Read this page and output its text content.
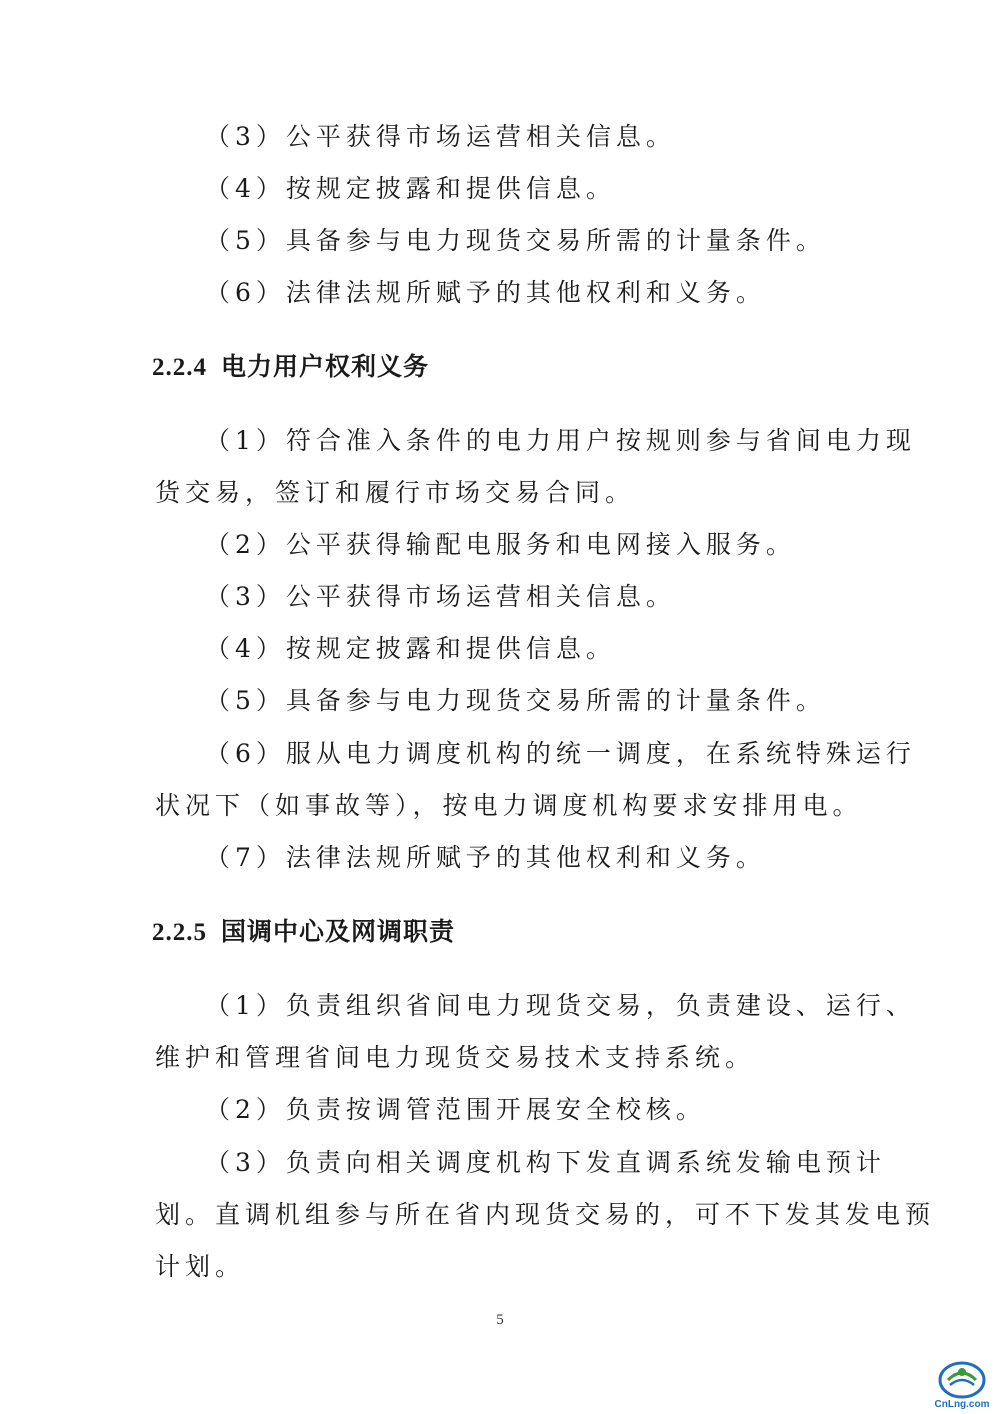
（3）公平获得市场运营相关信息。
（4）按规定披露和提供信息。
（5）具备参与电力现货交易所需的计量条件。
（6）法律法规所赋予的其他权利和义务。
2.2.4 电力用户权利义务
（1）符合准入条件的电力用户按规则参与省间电力现
货交易，签订和履行市场交易合同。
（2）公平获得输配电服务和电网接入服务。
（3）公平获得市场运营相关信息。
（4）按规定披露和提供信息。
（5）具备参与电力现货交易所需的计量条件。
（6）服从电力调度机构的统一调度，在系统特殊运行
状况下（如事故等），按电力调度机构要求安排用电。
（7）法律法规所赋予的其他权利和义务。
2.2.5 国调中心及网调职责
（1）负责组织省间电力现货交易，负责建设、运行、
维护和管理省间电力现货交易技术支持系统。
（2）负责按调管范围开展安全校核。
（3）负责向相关调度机构下发直调系统发输电预计
划。直调机组参与所在省内现货交易的，可不下发其发电预
计划。
5
CnLng.com
